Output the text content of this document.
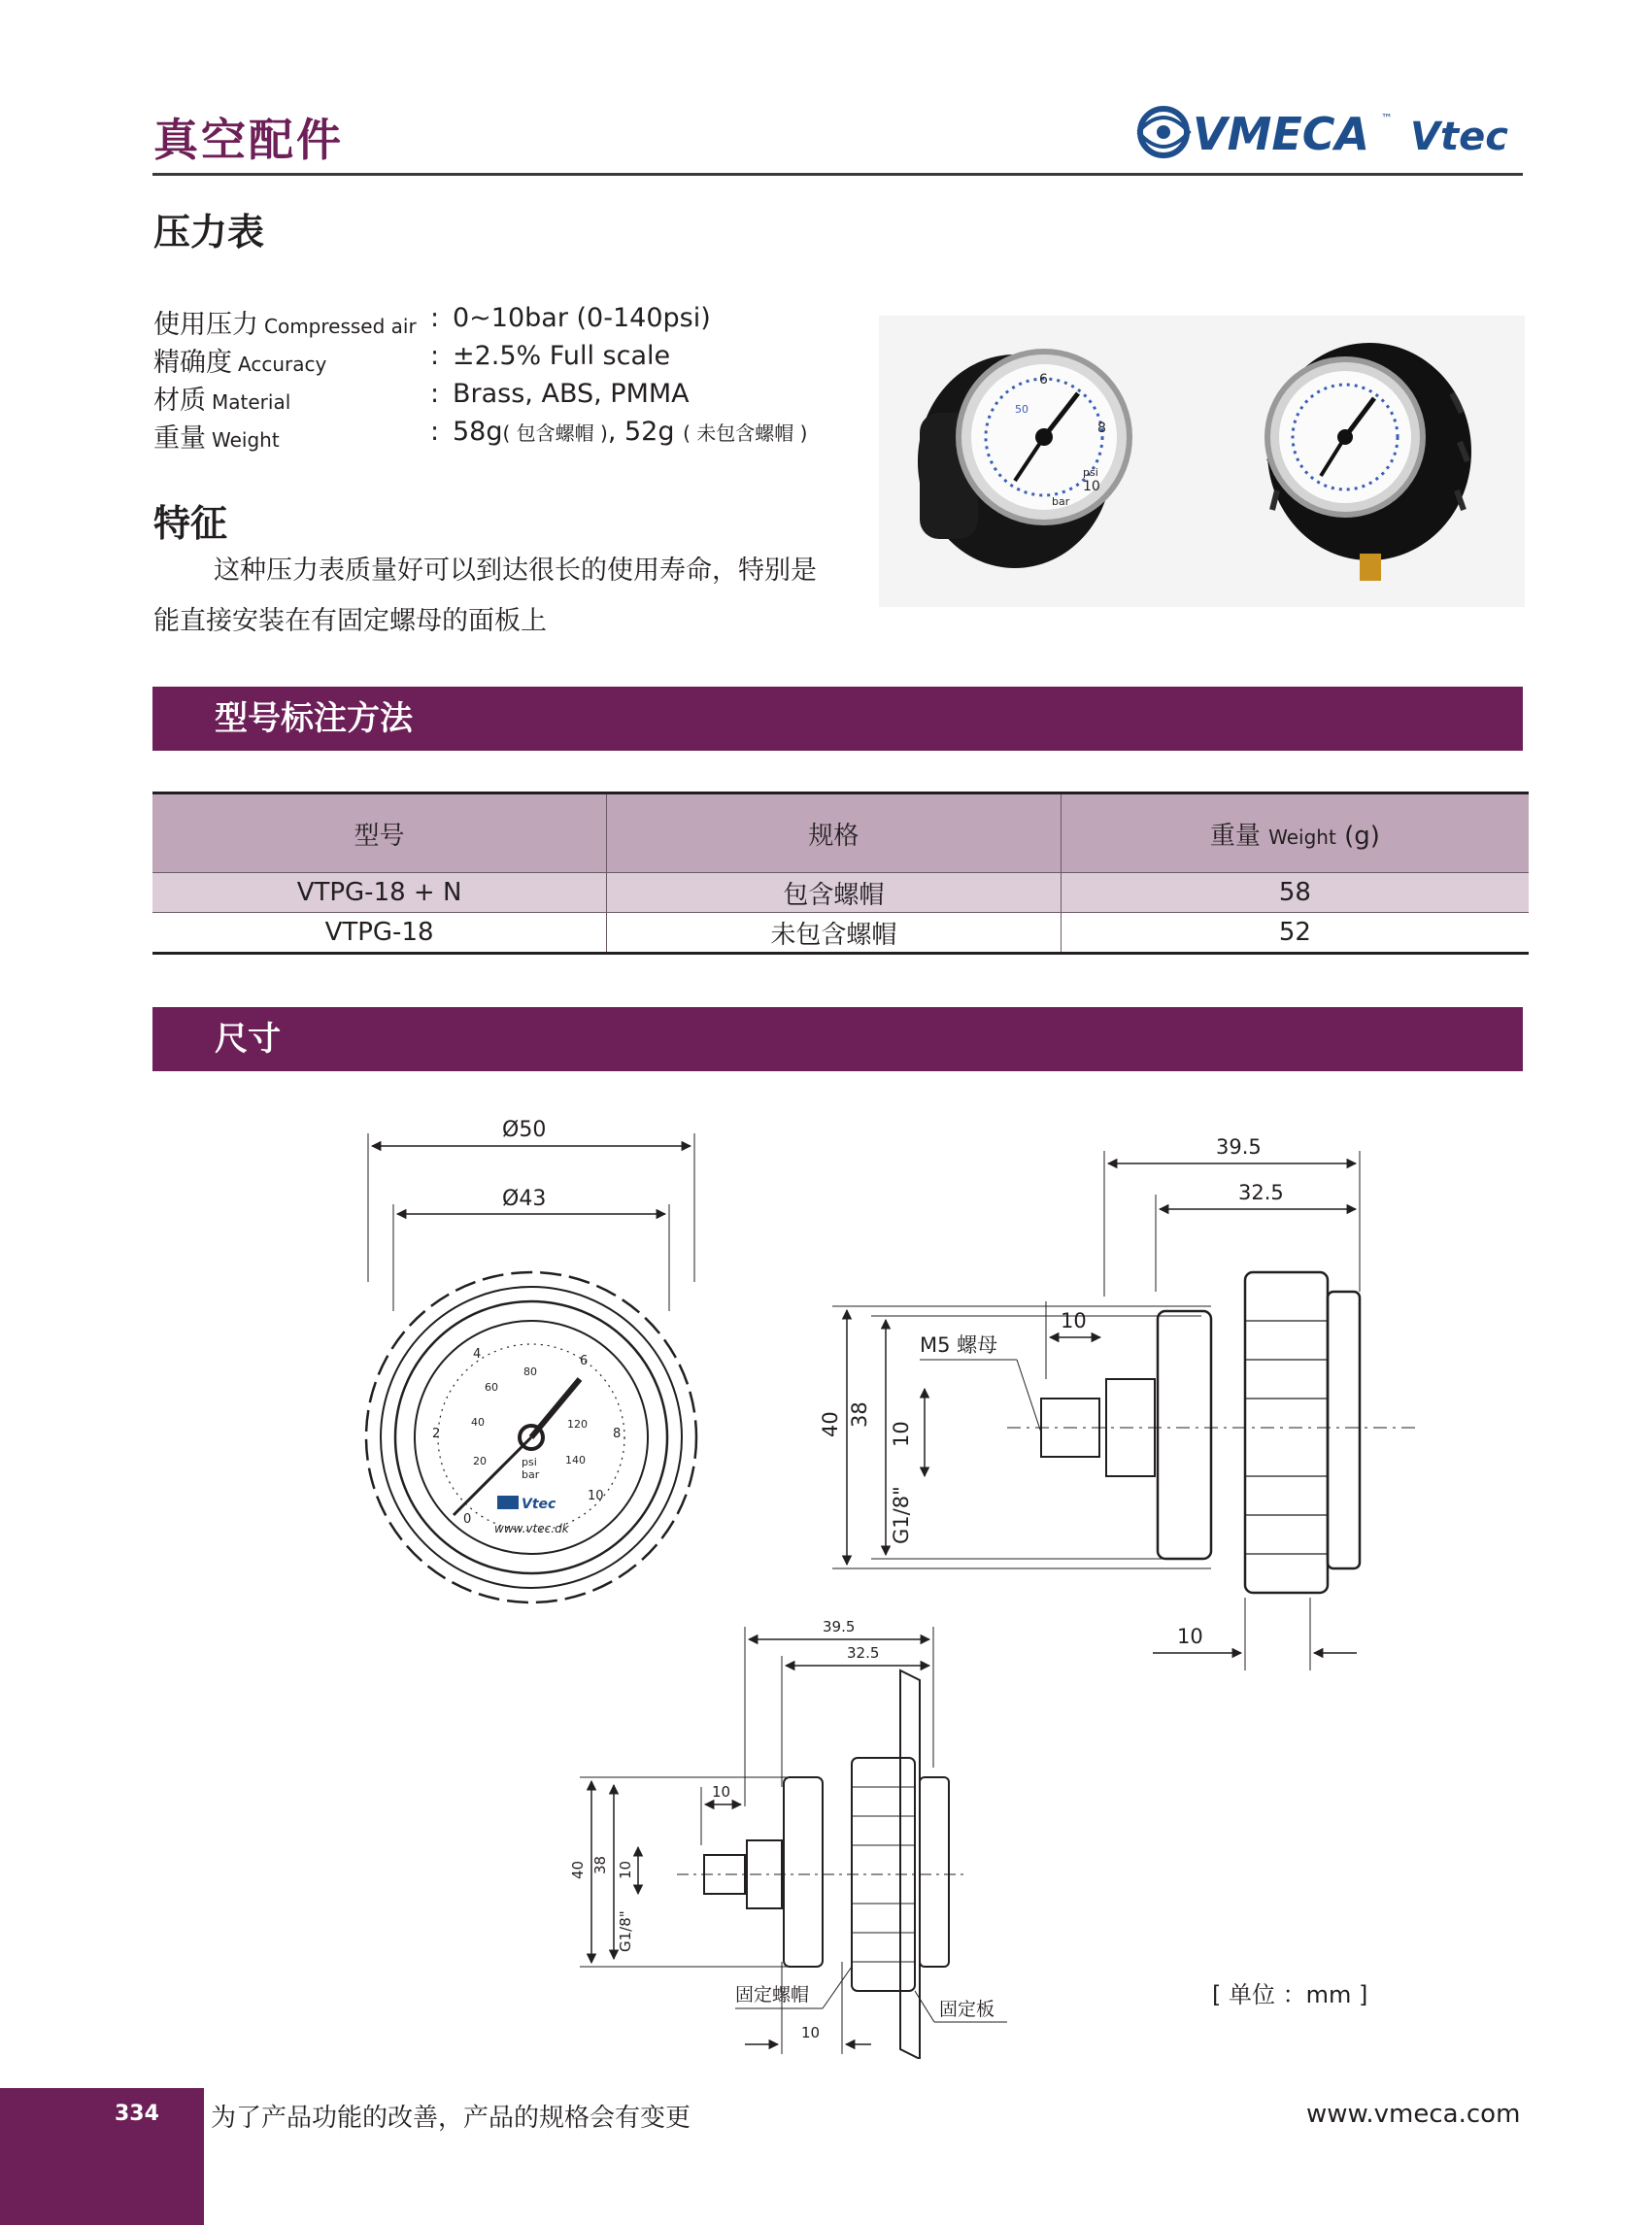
真空配件	VMECA ™ Vtec
压力表
使用压力 Compressed air : 0~10bar (0-140psi)
精确度 Accuracy	: ±2.5% Full scale
材质 Material	: Brass, ABS, PMMA
重量 Weight	: 58g( 包含螺帽 ), 52g ( 未包含螺帽 )
特征
这种压力表质量好可以到达很长的使用寿命，特别是能直接安装在有固定螺母的面板上
6
8
10
50
bar
psi
型号标注方法
型号	规格	重量 Weight (g)
VTPG-18 + N	包含螺帽	58
VTPG-18	未包含螺帽	52
尺寸
Ø50
Ø43
0
2
4	6
8
10
20
40
60
80
120
140
psi
bar
www.vtec.dk
Vtec
39.5
32.5
10
M5 螺母
40 38
10
G1/8"
10
39.5
32.5
10
40 38 10
G1/8"
固定螺帽
固定板
10
[ 单位 ：mm ]
334 为了产品功能的改善，产品的规格会有变更	www.vmeca.com
